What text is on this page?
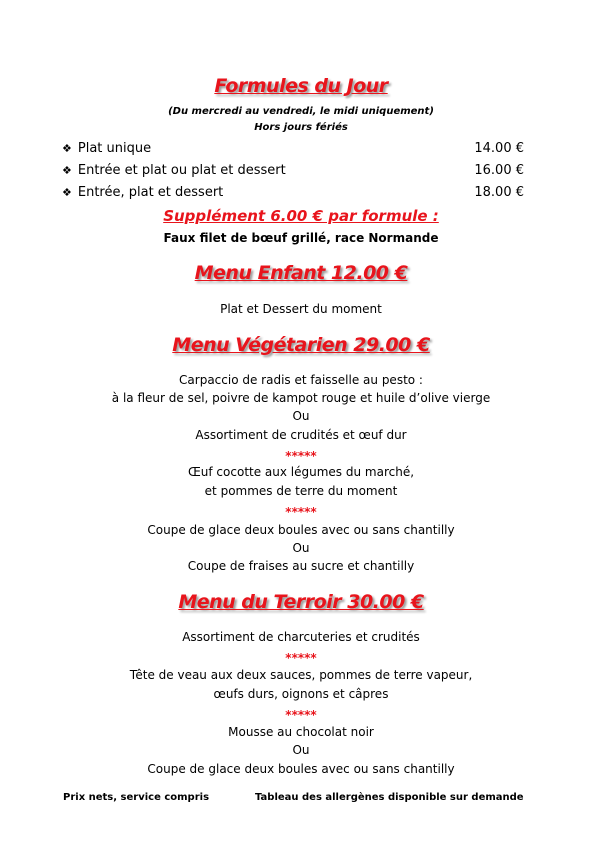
Formules du Jour
(Du mercredi au vendredi, le midi uniquement)
Hors jours fériés
❖ Plat unique	14.00 €
❖ Entrée et plat ou plat et dessert	16.00 €
❖ Entrée, plat et dessert	18.00 €
Supplément 6.00 € par formule :
Faux filet de bœuf grillé, race Normande
Menu Enfant 12.00 €
Plat et Dessert du moment
Menu Végétarien 29.00 €
Carpaccio de radis et faisselle au pesto :
à la fleur de sel, poivre de kampot rouge et huile d’olive vierge
Ou
Assortiment de crudités et œuf dur
*****
Œuf cocotte aux légumes du marché,
et pommes de terre du moment
*****
Coupe de glace deux boules avec ou sans chantilly
Ou
Coupe de fraises au sucre et chantilly
Menu du Terroir 30.00 €
Assortiment de charcuteries et crudités
*****
Tête de veau aux deux sauces, pommes de terre vapeur,
œufs durs, oignons et câpres
*****
Mousse au chocolat noir
Ou
Coupe de glace deux boules avec ou sans chantilly
Prix nets, service compris	Tableau des allergènes disponible sur demande
